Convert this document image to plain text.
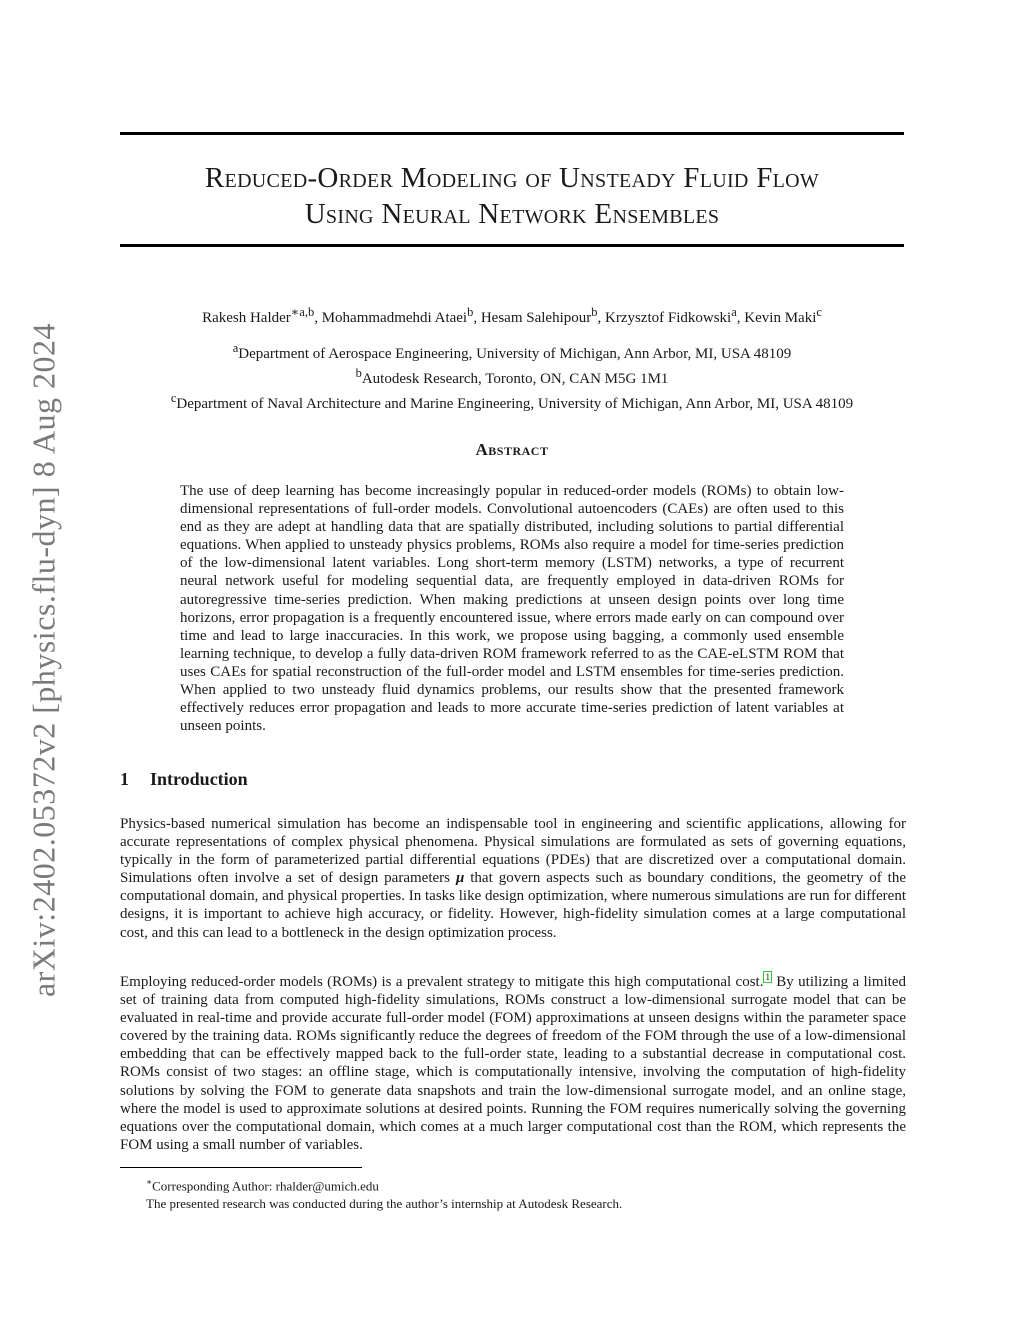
arXiv:2402.05372v2 [physics.flu-dyn] 8 Aug 2024
Reduced-Order Modeling of Unsteady Fluid Flow
Using Neural Network Ensembles
Rakesh Halder$^{∗a,b}$, Mohammadmehdi Ataei$^b$, Hesam Salehipour$^b$, Krzysztof Fidkowski$^a$, Kevin Maki$^c$
$^a$Department of Aerospace Engineering, University of Michigan, Ann Arbor, MI, USA 48109
$^b$Autodesk Research, Toronto, ON, CAN M5G 1M1
$^c$Department of Naval Architecture and Marine Engineering, University of Michigan, Ann Arbor, MI, USA 48109
Abstract
The use of deep learning has become increasingly popular in reduced-order models (ROMs) to obtain low-dimensional representations of full-order models. Convolutional autoencoders (CAEs) are often used to this end as they are adept at handling data that are spatially distributed, including solutions to partial differential equations. When applied to unsteady physics problems, ROMs also require a model for time-series prediction of the low-dimensional latent variables. Long short-term memory (LSTM) networks, a type of recurrent neural network useful for modeling sequential data, are frequently employed in data-driven ROMs for autoregressive time-series prediction. When making predictions at unseen design points over long time horizons, error propagation is a frequently encountered issue, where errors made early on can compound over time and lead to large inaccuracies. In this work, we propose using bagging, a commonly used ensemble learning technique, to develop a fully data-driven ROM framework referred to as the CAE-eLSTM ROM that uses CAEs for spatial reconstruction of the full-order model and LSTM ensembles for time-series prediction. When applied to two unsteady fluid dynamics problems, our results show that the presented framework effectively reduces error propagation and leads to more accurate time-series prediction of latent variables at unseen points.
1 Introduction
Physics-based numerical simulation has become an indispensable tool in engineering and scientific applications, allowing for accurate representations of complex physical phenomena. Physical simulations are formulated as sets of governing equations, typically in the form of parameterized partial differential equations (PDEs) that are discretized over a computational domain. Simulations often involve a set of design parameters μ that govern aspects such as boundary conditions, the geometry of the computational domain, and physical properties. In tasks like design optimization, where numerous simulations are run for different designs, it is important to achieve high accuracy, or fidelity. However, high-fidelity simulation comes at a large computational cost, and this can lead to a bottleneck in the design optimization process.
Employing reduced-order models (ROMs) is a prevalent strategy to mitigate this high computational cost. $^1$ By utilizing a limited set of training data from computed high-fidelity simulations, ROMs construct a low-dimensional surrogate model that can be evaluated in real-time and provide accurate full-order model (FOM) approximations at unseen designs within the parameter space covered by the training data. ROMs significantly reduce the degrees of freedom of the FOM through the use of a low-dimensional embedding that can be effectively mapped back to the full-order state, leading to a substantial decrease in computational cost. ROMs consist of two stages: an offline stage, which is computationally intensive, involving the computation of high-fidelity solutions by solving the FOM to generate data snapshots and train the low-dimensional surrogate model, and an online stage, where the model is used to approximate solutions at desired points. Running the FOM requires numerically solving the governing equations over the computational domain, which comes at a much larger computational cost than the ROM, which represents the FOM using a small number of variables.
∗Corresponding Author: rhalder@umich.edu
The presented research was conducted during the author’s internship at Autodesk Research.
